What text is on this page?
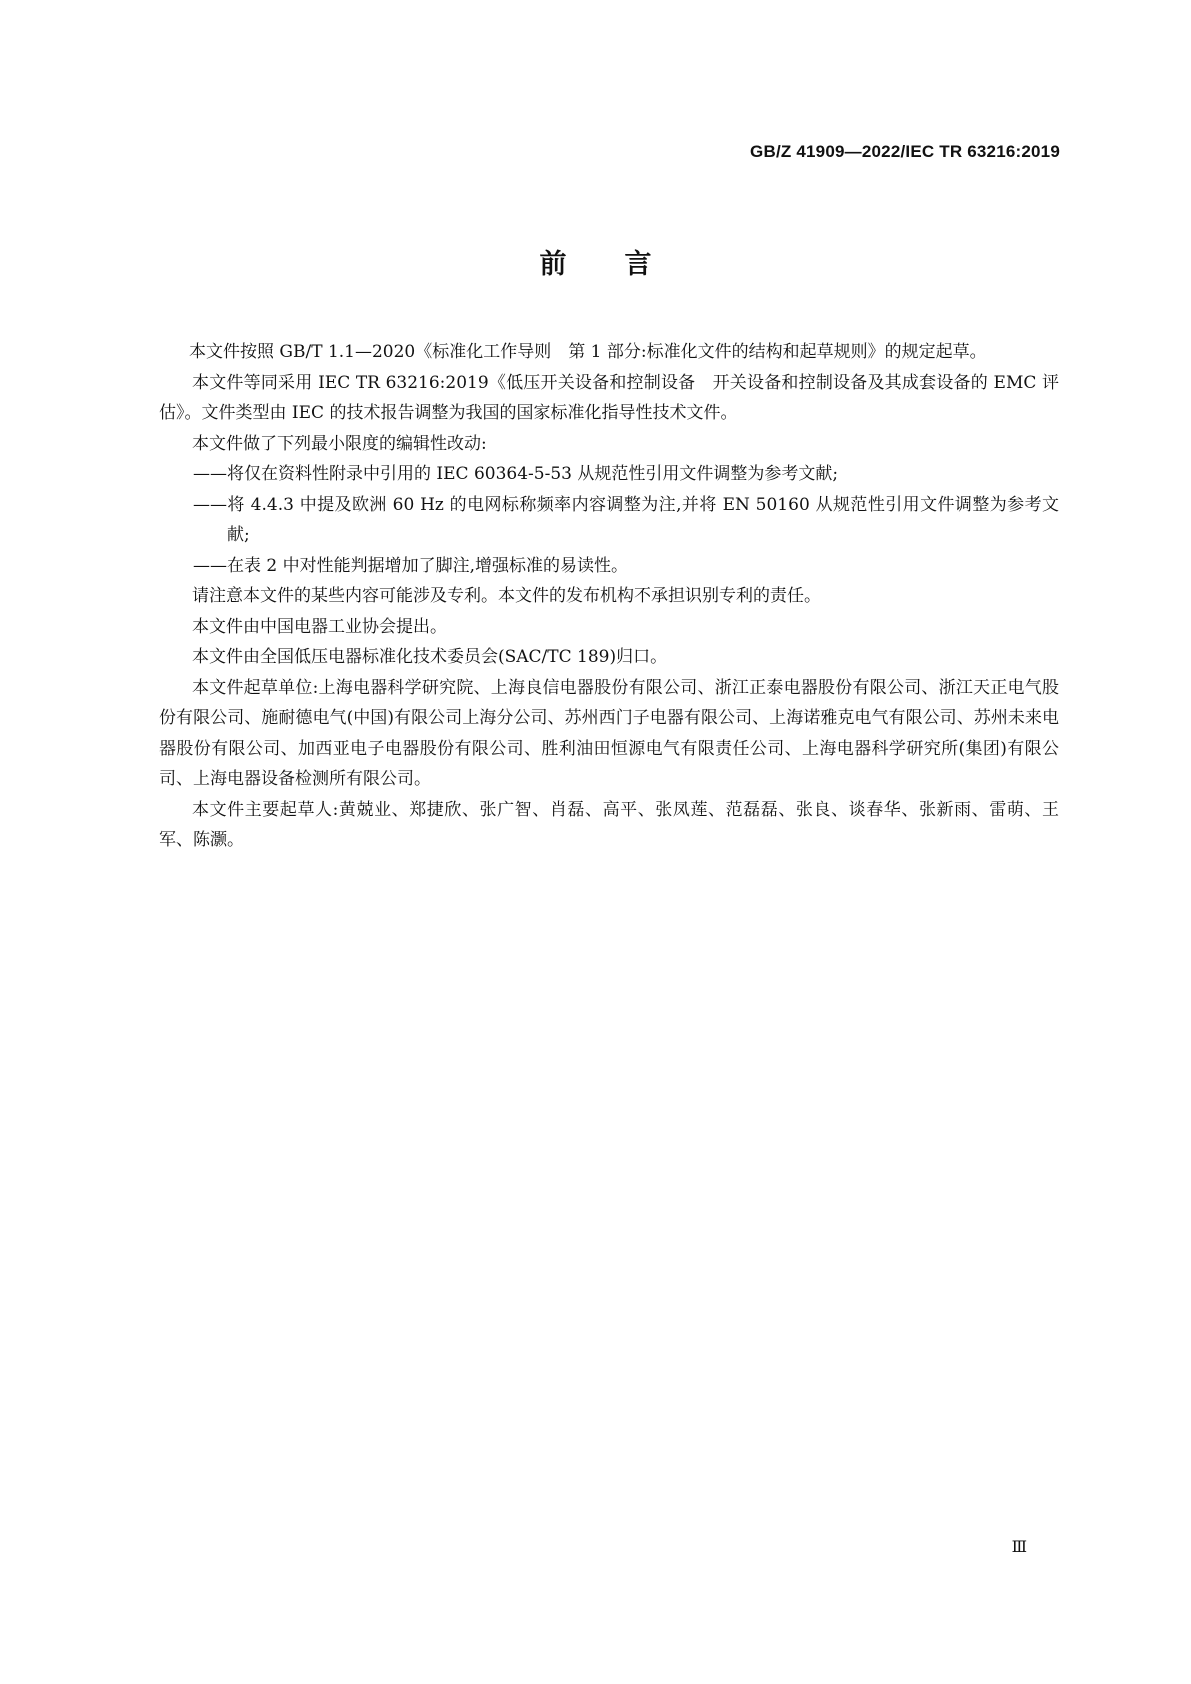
GB/Z 41909—2022/IEC TR 63216:2019
前言

本文件按照 GB/T 1.1—2020《标准化工作导则　第 1 部分:标准化文件的结构和起草规则》的规定起草。

本文件等同采用 IEC TR 63216:2019《低压开关设备和控制设备　开关设备和控制设备及其成套设备的 EMC 评估》。文件类型由 IEC 的技术报告调整为我国的国家标准化指导性技术文件。

本文件做了下列最小限度的编辑性改动:

——将仅在资料性附录中引用的 IEC 60364-5-53 从规范性引用文件调整为参考文献;

——将 4.4.3 中提及欧洲 60 Hz 的电网标称频率内容调整为注,并将 EN 50160 从规范性引用文件调整为参考文献;

——在表 2 中对性能判据增加了脚注,增强标准的易读性。

请注意本文件的某些内容可能涉及专利。本文件的发布机构不承担识别专利的责任。

本文件由中国电器工业协会提出。

本文件由全国低压电器标准化技术委员会(SAC/TC 189)归口。

本文件起草单位:上海电器科学研究院、上海良信电器股份有限公司、浙江正泰电器股份有限公司、浙江天正电气股份有限公司、施耐德电气(中国)有限公司上海分公司、苏州西门子电器有限公司、上海诺雅克电气有限公司、苏州未来电器股份有限公司、加西亚电子电器股份有限公司、胜利油田恒源电气有限责任公司、上海电器科学研究所(集团)有限公司、上海电器设备检测所有限公司。

本文件主要起草人:黄兢业、郑捷欣、张广智、肖磊、高平、张凤莲、范磊磊、张良、谈春华、张新雨、雷萌、王军、陈灏。

Ⅲ
